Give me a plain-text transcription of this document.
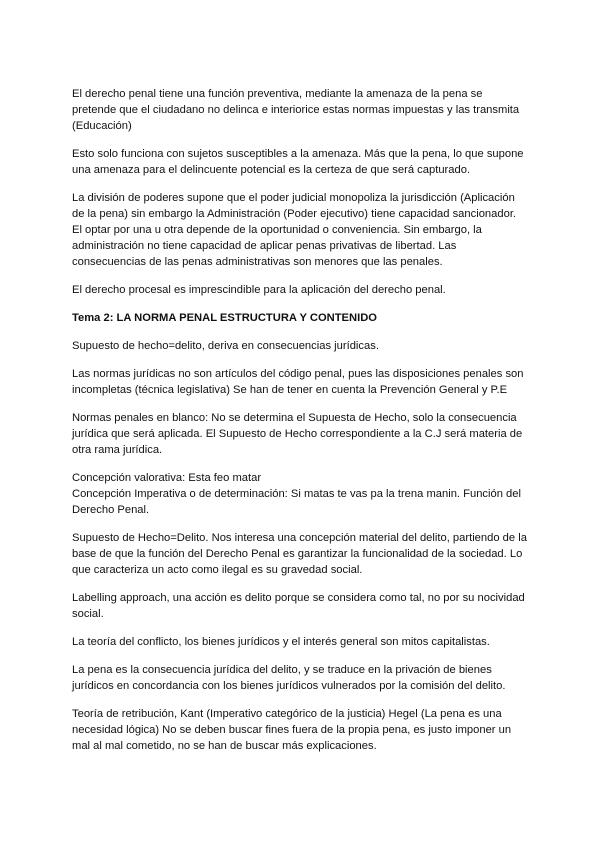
El derecho penal tiene una función preventiva, mediante la amenaza de la pena se pretende que el ciudadano no delinca e interiorice estas normas impuestas y las transmita (Educación)

Esto solo funciona con sujetos susceptibles a la amenaza. Más que la pena, lo que supone una amenaza para el delincuente potencial es la certeza de que será capturado.

La división de poderes supone que el poder judicial monopoliza la jurisdicción (Aplicación de la pena) sin embargo la Administración (Poder ejecutivo) tiene capacidad sancionador. El optar por una u otra depende de la oportunidad o conveniencia. Sin embargo, la administración no tiene capacidad de aplicar penas privativas de libertad. Las consecuencias de las penas administrativas son menores que las penales.

El derecho procesal es imprescindible para la aplicación del derecho penal.

Tema 2: LA NORMA PENAL ESTRUCTURA Y CONTENIDO

Supuesto de hecho=delito, deriva en consecuencias jurídicas.

Las normas jurídicas no son artículos del código penal, pues las disposiciones penales son incompletas (técnica legislativa) Se han de tener en cuenta la Prevención General y P.E

Normas penales en blanco: No se determina el Supuesta de Hecho, solo la consecuencia jurídica que será aplicada. El Supuesto de Hecho correspondiente a la C.J será materia de otra rama jurídica.

Concepción valorativa: Esta feo matar
Concepción Imperativa o de determinación: Si matas te vas pa la trena manin. Función del Derecho Penal.

Supuesto de Hecho=Delito. Nos interesa una concepción material del delito, partiendo de la base de que la función del Derecho Penal es garantizar la funcionalidad de la sociedad. Lo que caracteriza un acto como ilegal es su gravedad social.

Labelling approach, una acción es delito porque se considera como tal, no por su nocividad social.

La teoría del conflicto, los bienes jurídicos y el interés general son mitos capitalistas.

La pena es la consecuencia jurídica del delito, y se traduce en la privación de bienes jurídicos en concordancia con los bienes jurídicos vulnerados por la comisión del delito.

Teoría de retribución, Kant (Imperativo categórico de la justicia) Hegel (La pena es una necesidad lógica) No se deben buscar fines fuera de la propia pena, es justo imponer un mal al mal cometido, no se han de buscar más explicaciones.
